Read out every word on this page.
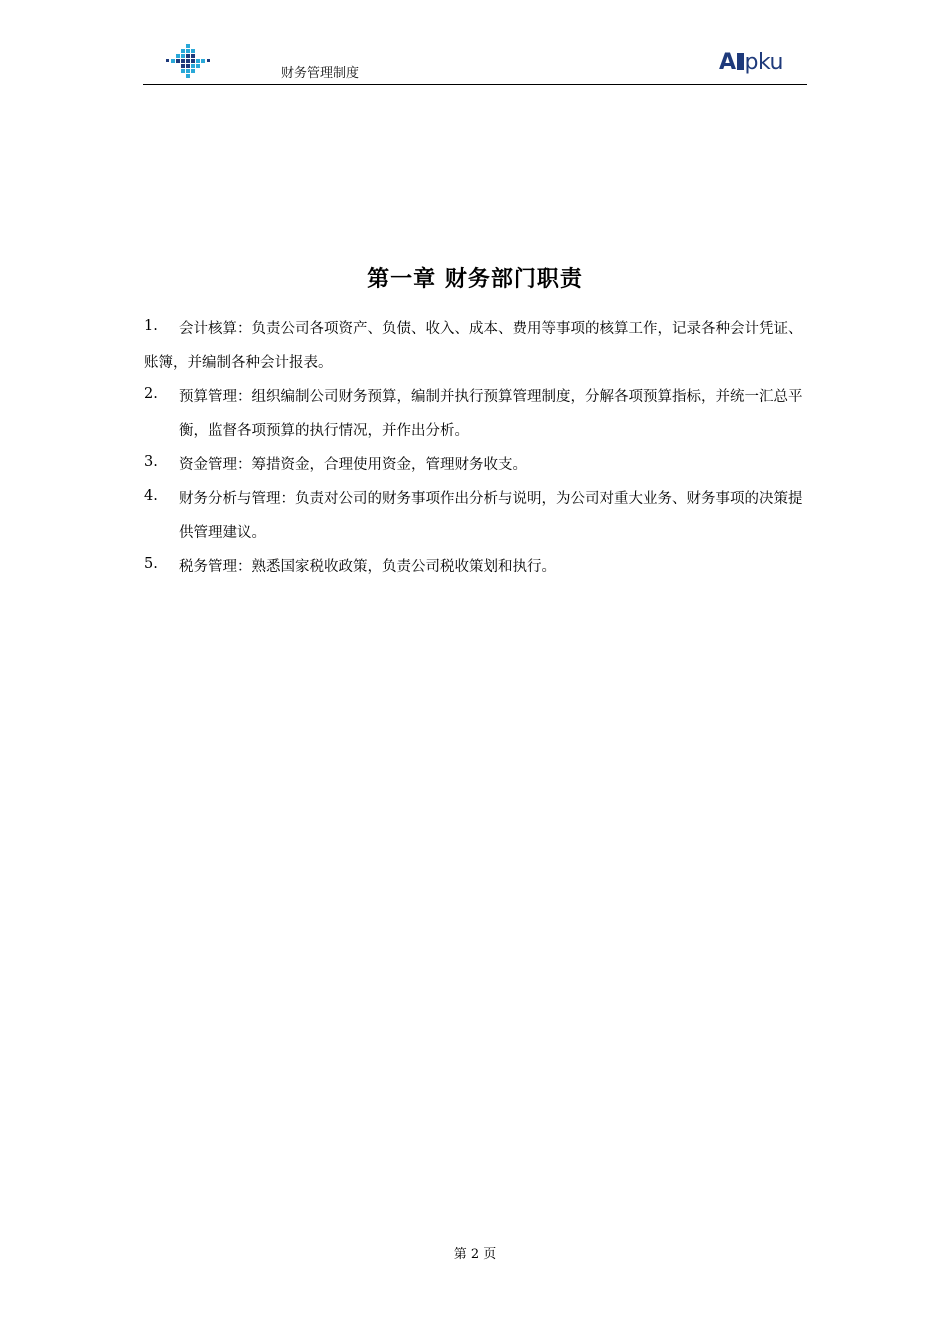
财务管理制度	A pku
第一章 财务部门职责
1.	会计核算：负责公司各项资产、负债、收入、成本、费用等事项的核算工作，记录各种会计凭证、账簿，并编制各种会计报表。
2.	预算管理：组织编制公司财务预算，编制并执行预算管理制度，分解各项预算指标，并统一汇总平衡，监督各项预算的执行情况，并作出分析。
3.	资金管理：筹措资金，合理使用资金，管理财务收支。
4.	财务分析与管理：负责对公司的财务事项作出分析与说明，为公司对重大业务、财务事项的决策提供管理建议。
5.	税务管理：熟悉国家税收政策，负责公司税收策划和执行。
第 2 页
